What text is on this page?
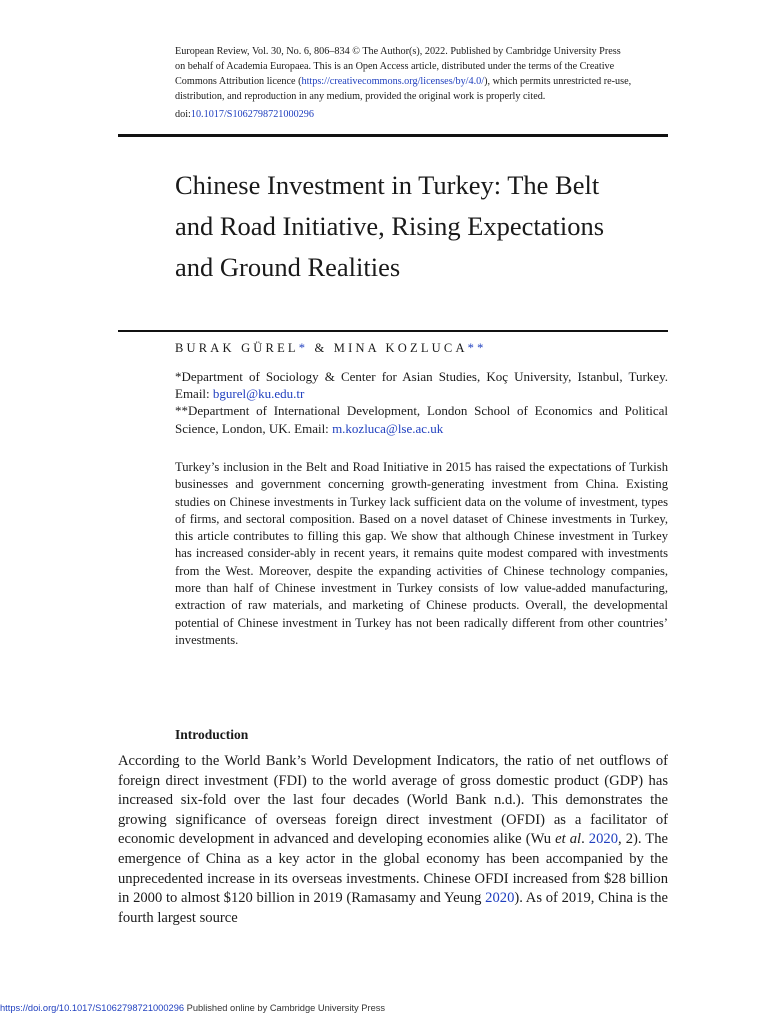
European Review, Vol. 30, No. 6, 806–834 © The Author(s), 2022. Published by Cambridge University Press
on behalf of Academia Europaea. This is an Open Access article, distributed under the terms of the Creative
Commons Attribution licence (https://creativecommons.org/licenses/by/4.0/), which permits unrestricted re-use,
distribution, and reproduction in any medium, provided the original work is properly cited.
doi:10.1017/S1062798721000296
Chinese Investment in Turkey: The Belt
and Road Initiative, Rising Expectations
and Ground Realities
BURAK GÜREL* & MINA KOZLUCA**

*Department of Sociology & Center for Asian Studies, Koç University, Istanbul, Turkey. Email: bgurel@ku.edu.tr

**Department of International Development, London School of Economics and Political Science, London, UK. Email: m.kozluca@lse.ac.uk

Turkey’s inclusion in the Belt and Road Initiative in 2015 has raised the expectations of Turkish businesses and government concerning growth-generating investment from China. Existing studies on Chinese investments in Turkey lack sufficient data on the volume of investment, types of firms, and sectoral composition. Based on a novel dataset of Chinese investments in Turkey, this article contributes to filling this gap. We show that although Chinese investment in Turkey has increased consider-ably in recent years, it remains quite modest compared with investments from the West. Moreover, despite the expanding activities of Chinese technology companies, more than half of Chinese investment in Turkey consists of low value-added manufacturing, extraction of raw materials, and marketing of Chinese products. Overall, the developmental potential of Chinese investment in Turkey has not been radically different from other countries’ investments.

Introduction

According to the World Bank’s World Development Indicators, the ratio of net outflows of foreign direct investment (FDI) to the world average of gross domestic product (GDP) has increased six-fold over the last four decades (World Bank n.d.). This demonstrates the growing significance of overseas foreign direct investment (OFDI) as a facilitator of economic development in advanced and developing economies alike (Wu et al. 2020, 2). The emergence of China as a key actor in the global economy has been accompanied by the unprecedented increase in its overseas investments. Chinese OFDI increased from $28 billion in 2000 to almost $120 billion in 2019 (Ramasamy and Yeung 2020). As of 2019, China is the fourth largest source

https://doi.org/10.1017/S1062798721000296 Published online by Cambridge University Press
